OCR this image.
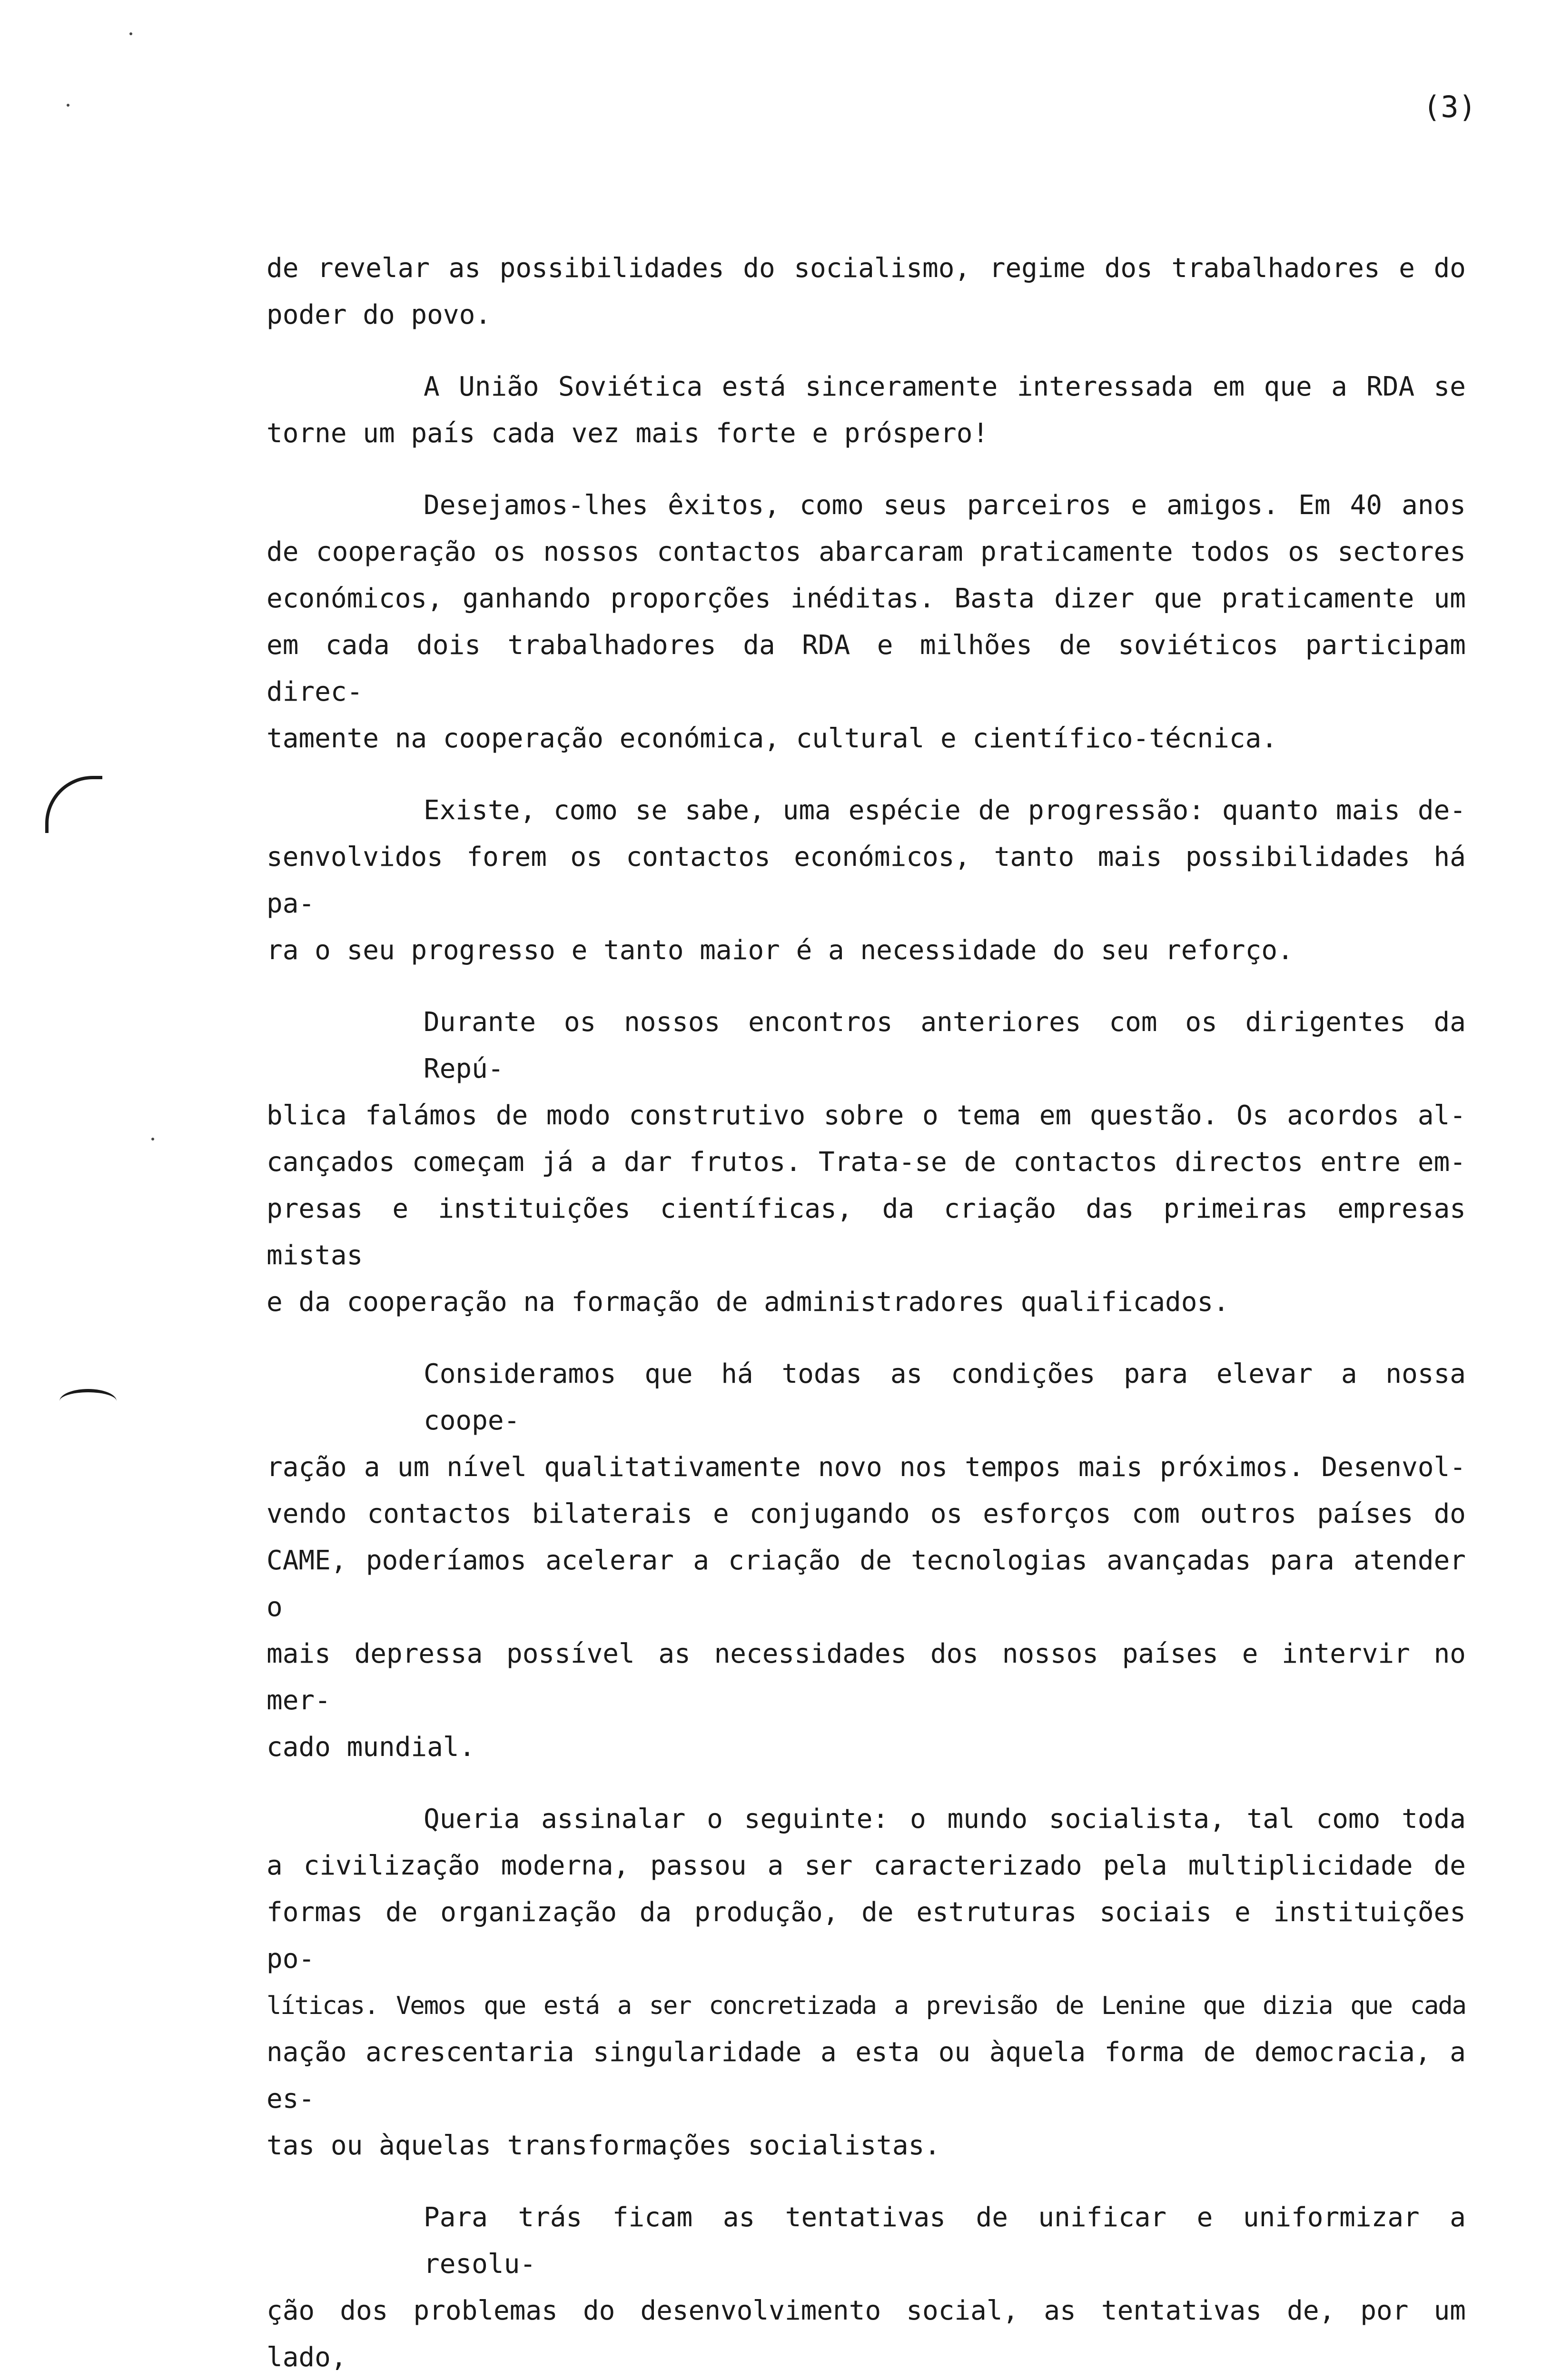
(3)
de revelar as possibilidades do socialismo, regime dos trabalhadores e do
poder do povo.
A União Soviética está sinceramente interessada em que a RDA se
torne um país cada vez mais forte e próspero!
Desejamos-lhes êxitos, como seus parceiros e amigos. Em 40 anos
de cooperação os nossos contactos abarcaram praticamente todos os sectores
económicos, ganhando proporções inéditas. Basta dizer que praticamente um
em cada dois trabalhadores da RDA e milhões de soviéticos participam direc-
tamente na cooperação económica, cultural e científico-técnica.
Existe, como se sabe, uma espécie de progressão: quanto mais de-
senvolvidos forem os contactos económicos, tanto mais possibilidades há pa-
ra o seu progresso e tanto maior é a necessidade do seu reforço.
Durante os nossos encontros anteriores com os dirigentes da Repú-
blica falámos de modo construtivo sobre o tema em questão. Os acordos al-
cançados começam já a dar frutos. Trata-se de contactos directos entre em-
presas e instituições científicas, da criação das primeiras empresas mistas
e da cooperação na formação de administradores qualificados.
Consideramos que há todas as condições para elevar a nossa coope-
ração a um nível qualitativamente novo nos tempos mais próximos. Desenvol-
vendo contactos bilaterais e conjugando os esforços com outros países do
CAME, poderíamos acelerar a criação de tecnologias avançadas para atender o
mais depressa possível as necessidades dos nossos países e intervir no mer-
cado mundial.
Queria assinalar o seguinte: o mundo socialista, tal como toda
a civilização moderna, passou a ser caracterizado pela multiplicidade de
formas de organização da produção, de estruturas sociais e instituições po-
líticas. Vemos que está a ser concretizada a previsão de Lenine que dizia que cada
nação acrescentaria singularidade a esta ou àquela forma de democracia, a es-
tas ou àquelas transformações socialistas.
Para trás ficam as tentativas de unificar e uniformizar a resolu-
ção dos problemas do desenvolvimento social, as tentativas de, por um lado,
